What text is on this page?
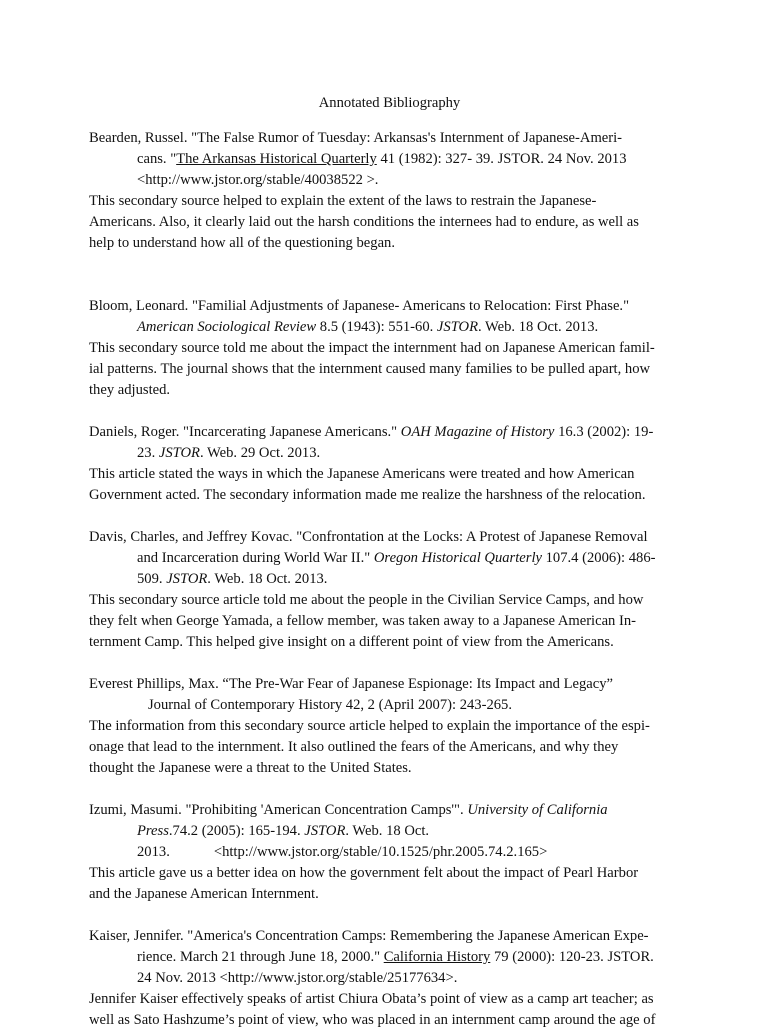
Annotated Bibliography
Bearden, Russel. "The False Rumor of Tuesday: Arkansas's Internment of Japanese-Ameri-
cans. "The Arkansas Historical Quarterly 41 (1982): 327- 39. JSTOR. 24 Nov. 2013
<http://www.jstor.org/stable/40038522 >.
This secondary source helped to explain the extent of the laws to restrain the Japanese-
Americans. Also, it clearly laid out the harsh conditions the internees had to endure, as well as
help to understand how all of the questioning began.
Bloom, Leonard. "Familial Adjustments of Japanese- Americans to Relocation: First Phase."
American Sociological Review 8.5 (1943): 551-60. JSTOR. Web. 18 Oct. 2013.
This secondary source told me about the impact the internment had on Japanese American famil-
ial patterns. The journal shows that the internment caused many families to be pulled apart, how
they adjusted.
Daniels, Roger. "Incarcerating Japanese Americans." OAH Magazine of History 16.3 (2002): 19-
23. JSTOR. Web. 29 Oct. 2013.
This article stated the ways in which the Japanese Americans were treated and how American
Government acted. The secondary information made me realize the harshness of the relocation.
Davis, Charles, and Jeffrey Kovac. "Confrontation at the Locks: A Protest of Japanese Removal
and Incarceration during World War II." Oregon Historical Quarterly 107.4 (2006): 486-
509. JSTOR. Web. 18 Oct. 2013.
This secondary source article told me about the people in the Civilian Service Camps, and how
they felt when George Yamada, a fellow member, was taken away to a Japanese American In-
ternment Camp. This helped give insight on a different point of view from the Americans.
Everest Phillips, Max. “The Pre-War Fear of Japanese Espionage: Its Impact and Legacy”
Journal of Contemporary History 42, 2 (April 2007): 243-265.
The information from this secondary source article helped to explain the importance of the espi-
onage that lead to the internment. It also outlined the fears of the Americans, and why they
thought the Japanese were a threat to the United States.
Izumi, Masumi. "Prohibiting 'American Concentration Camps'". University of California
Press.74.2 (2005): 165-194. JSTOR. Web. 18 Oct.
2013.	<http://www.jstor.org/stable/10.1525/phr.2005.74.2.165>
This article gave us a better idea on how the government felt about the impact of Pearl Harbor
and the Japanese American Internment.
Kaiser, Jennifer. "America's Concentration Camps: Remembering the Japanese American Expe-
rience. March 21 through June 18, 2000." California History 79 (2000): 120-23. JSTOR.
24 Nov. 2013 <http://www.jstor.org/stable/25177634>.
Jennifer Kaiser effectively speaks of artist Chiura Obata’s point of view as a camp art teacher; as
well as Sato Hashzume’s point of view, who was placed in an internment camp around the age of
